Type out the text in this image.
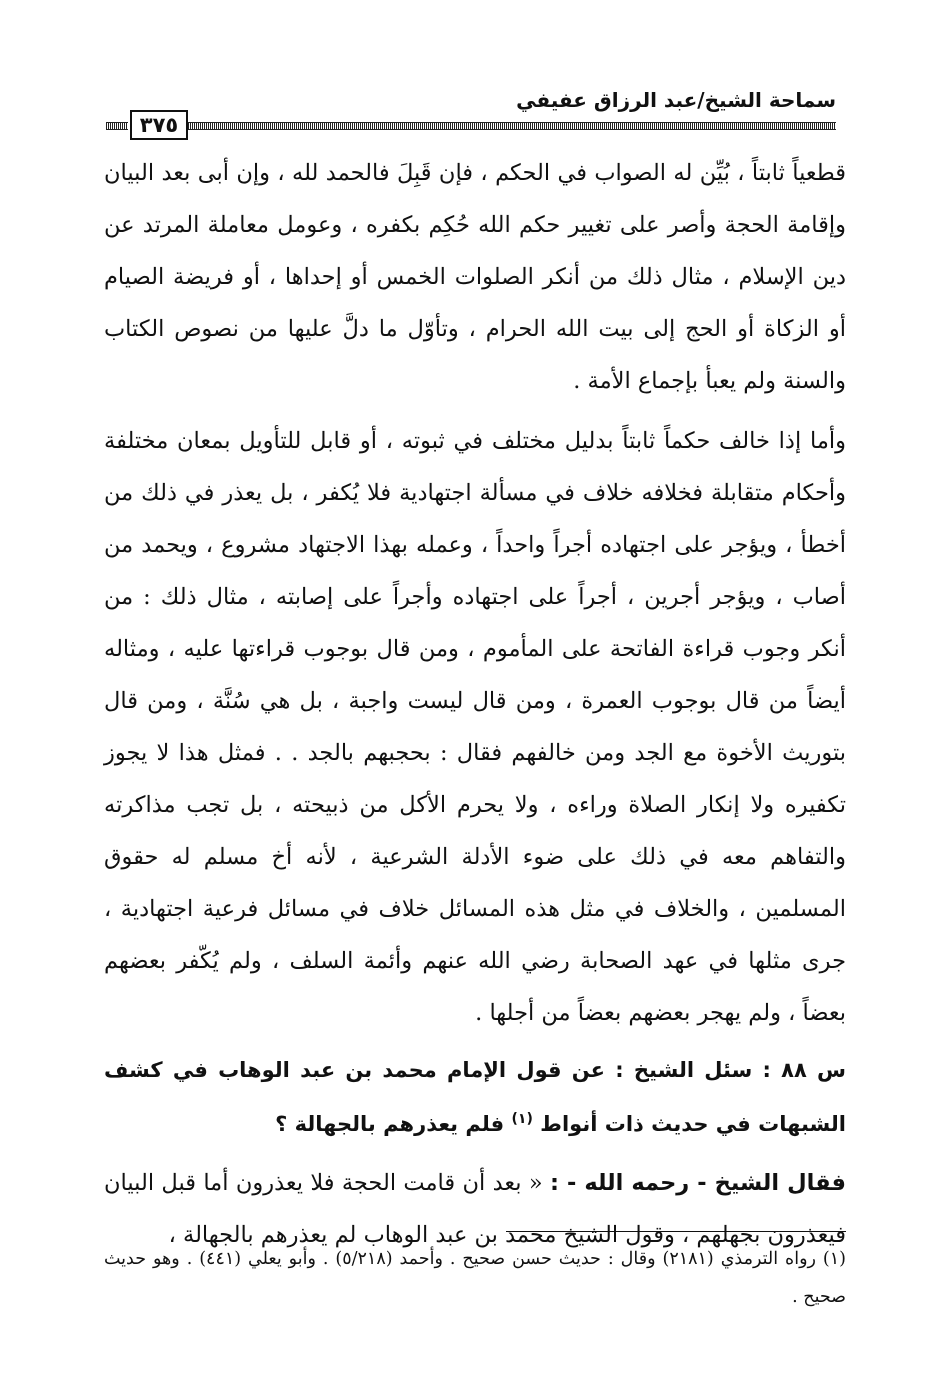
سماحة الشيخ/عبد الرزاق عفيفي
٣٧٥

قطعياً ثابتاً ، بُيِّن له الصواب في الحكم ، فإن قَبِلَ فالحمد لله ، وإن أبى بعد البيان وإقامة الحجة وأصر على تغيير حكم الله حُكِم بكفره ، وعومل معاملة المرتد عن دين الإسلام ، مثال ذلك من أنكر الصلوات الخمس أو إحداها ، أو فريضة الصيام أو الزكاة أو الحج إلى بيت الله الحرام ، وتأوّل ما دلَّ عليها من نصوص الكتاب والسنة ولم يعبأ بإجماع الأمة .

وأما إذا خالف حكماً ثابتاً بدليل مختلف في ثبوته ، أو قابل للتأويل بمعان مختلفة وأحكام متقابلة فخلافه خلاف في مسألة اجتهادية فلا يُكفر ، بل يعذر في ذلك من أخطأ ، ويؤجر على اجتهاده أجراً واحداً ، وعمله بهذا الاجتهاد مشروع ، ويحمد من أصاب ، ويؤجر أجرين ، أجراً على اجتهاده وأجراً على إصابته ، مثال ذلك : من أنكر وجوب قراءة الفاتحة على المأموم ، ومن قال بوجوب قراءتها عليه ، ومثاله أيضاً من قال بوجوب العمرة ، ومن قال ليست واجبة ، بل هي سُنَّة ، ومن قال بتوريث الأخوة مع الجد ومن خالفهم فقال : بحجبهم بالجد . . فمثل هذا لا يجوز تكفيره ولا إنكار الصلاة وراءه ، ولا يحرم الأكل من ذبيحته ، بل تجب مذاكرته والتفاهم معه في ذلك على ضوء الأدلة الشرعية ، لأنه أخ مسلم له حقوق المسلمين ، والخلاف في مثل هذه المسائل خلاف في مسائل فرعية اجتهادية ، جرى مثلها في عهد الصحابة رضي الله عنهم وأئمة السلف ، ولم يُكّفر بعضهم بعضاً ، ولم يهجر بعضهم بعضاً من أجلها .

س ٨٨ : سئل الشيخ : عن قول الإمام محمد بن عبد الوهاب في كشف الشبهات في حديث ذات أنواط $^{(١)}$ فلم يعذرهم بالجهالة ؟

فقال الشيخ - رحمه الله - : « بعد أن قامت الحجة فلا يعذرون أما قبل البيان فيعذرون بجهلهم ، وقول الشيخ محمد بن عبد الوهاب لم يعذرهم بالجهالة ،

(١) رواه الترمذي (٢١٨١) وقال : حديث حسن صحيح . وأحمد (٥/٢١٨) . وأبو يعلي (٤٤١) . وهو حديث صحيح .
